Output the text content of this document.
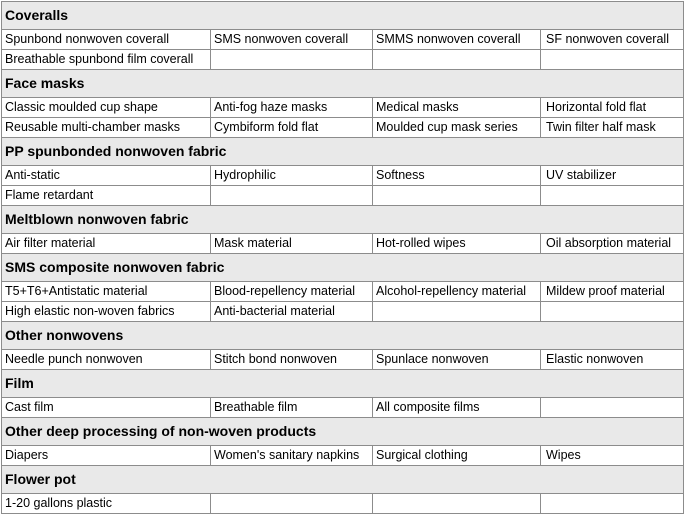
Coveralls			
Spunbond nonwoven coverall	SMS nonwoven coverall	SMMS nonwoven coverall	SF nonwoven coverall
Breathable spunbond film coverall			
Face masks			
Classic moulded cup shape	Anti-fog haze masks	Medical masks	Horizontal fold flat
Reusable multi-chamber masks	Cymbiform fold flat	Moulded cup mask series	Twin filter half mask
PP spunbonded nonwoven fabric			
Anti-static	Hydrophilic	Softness	UV stabilizer
Flame retardant			
Meltblown nonwoven fabric			
Air filter material	Mask material	Hot-rolled wipes	Oil absorption material
SMS composite nonwoven fabric			
T5+T6+Antistatic material	Blood-repellency material	Alcohol-repellency material	Mildew proof material
High elastic non-woven fabrics	Anti-bacterial material		
Other nonwovens			
Needle punch nonwoven	Stitch bond nonwoven	Spunlace nonwoven	Elastic nonwoven
Film			
Cast film	Breathable film	All composite films	
Other deep processing of non-woven products			
Diapers	Women's sanitary napkins	Surgical clothing	Wipes
Flower pot			
1-20 gallons plastic			
